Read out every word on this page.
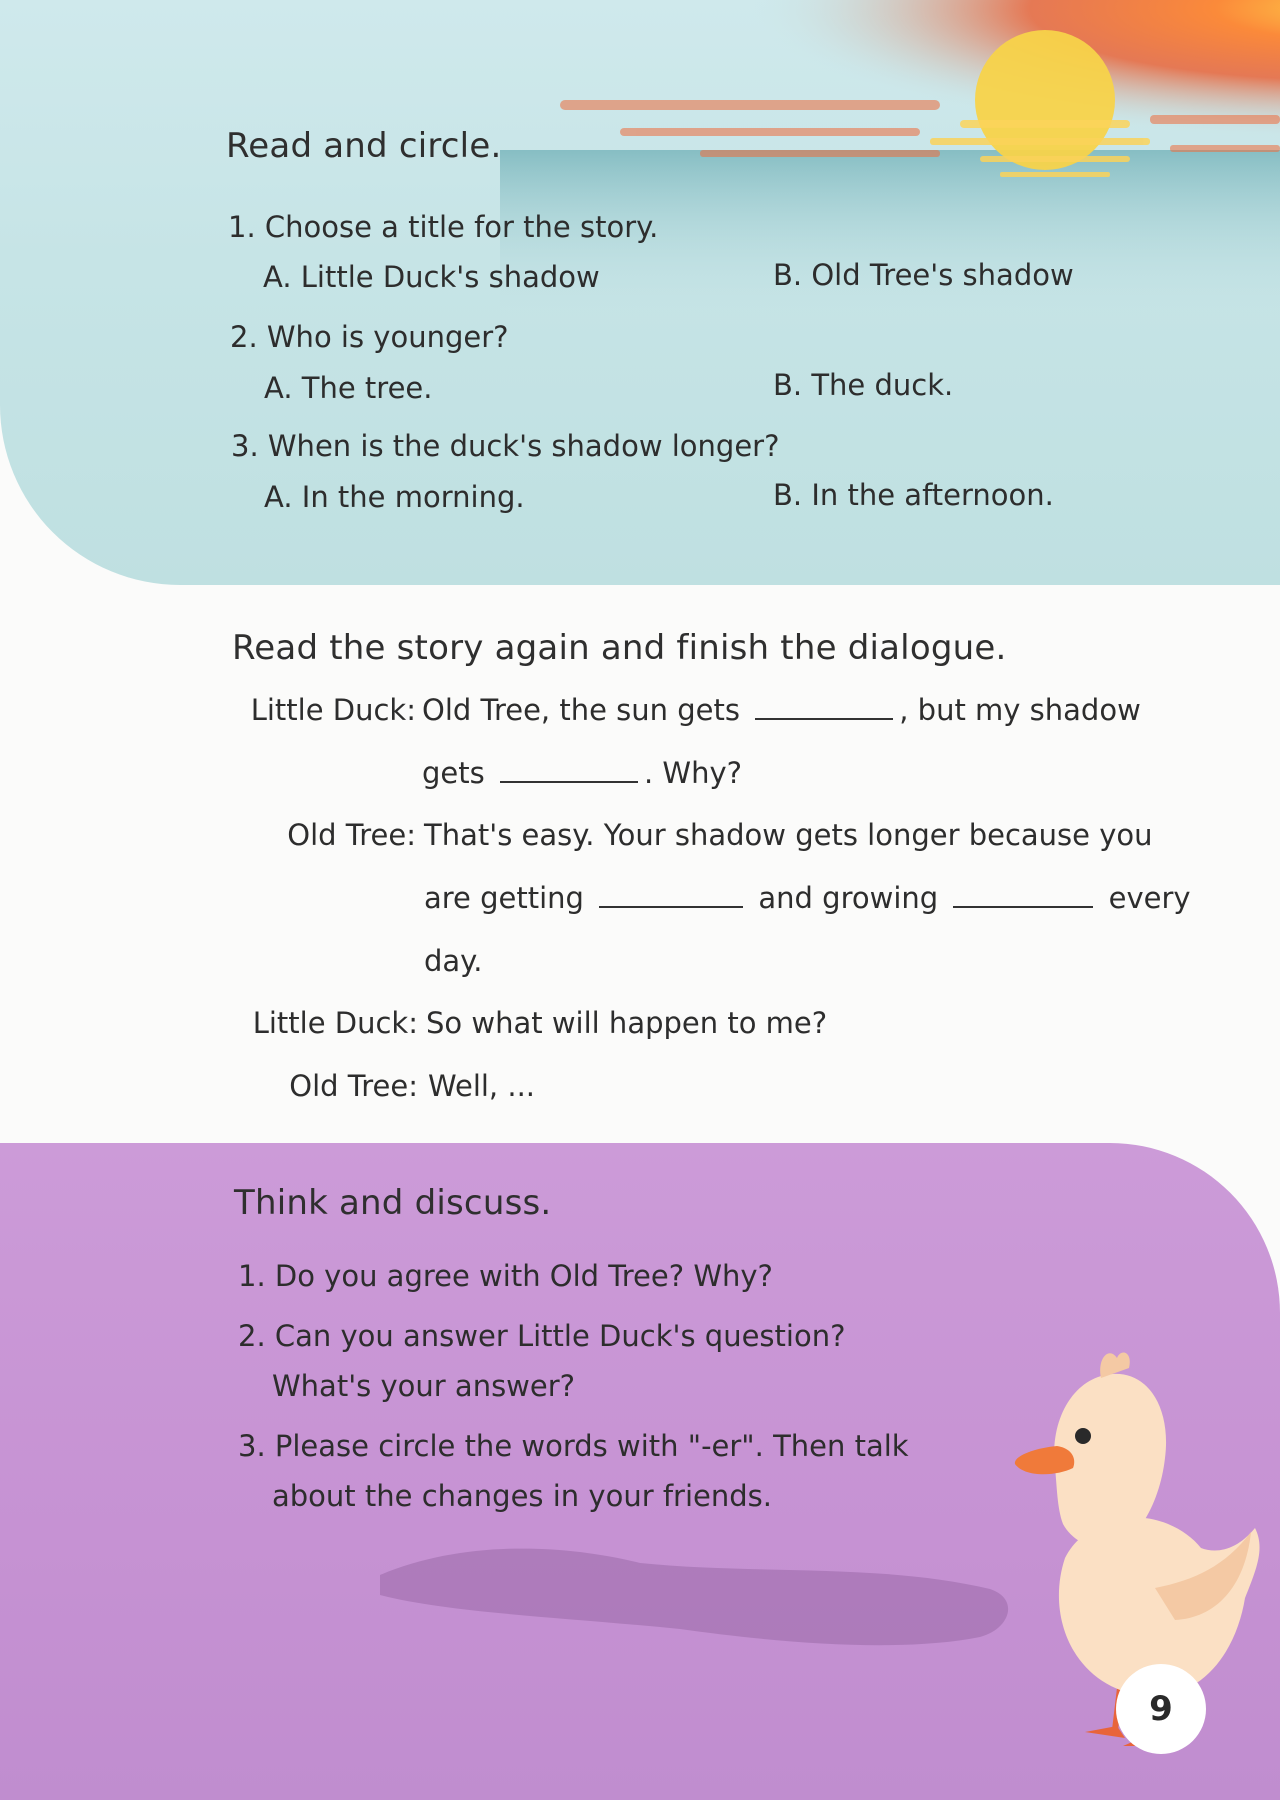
Read and circle.
1. Choose a title for the story.
A. Little Duck's shadow	B. Old Tree's shadow
2. Who is younger?
A. The tree.	B. The duck.
3. When is the duck's shadow longer?
A. In the morning.	B. In the afternoon.
Read the story again and finish the dialogue.
Little Duck: Old Tree, the sun gets	, but my shadow
gets	. Why?
Old Tree: That's easy. Your shadow gets longer because you
are getting	and growing	every
day.
Little Duck: So what will happen to me?
Old Tree: Well, ...
Think and discuss.
1. Do you agree with Old Tree? Why?
2. Can you answer Little Duck's question?
What's your answer?
3. Please circle the words with "-er". Then talk
about the changes in your friends.
9
